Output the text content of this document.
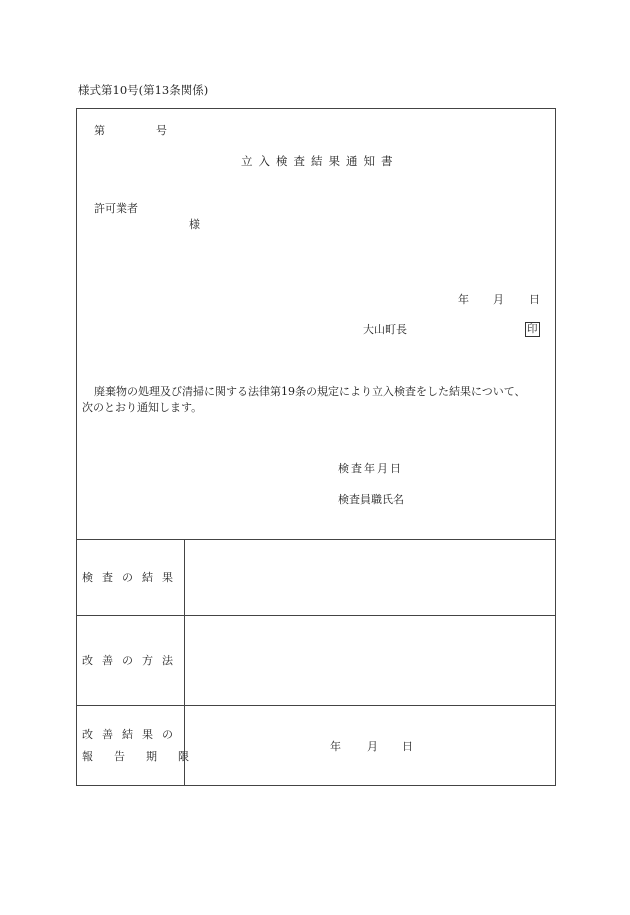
様式第10号(第13条関係)
第	号
立入検査結果通知書
許可業者
様
年 月 日
大山町長	印
廃棄物の処理及び清掃に関する法律第19条の規定により立入検査をした結果について、
次のとおり通知します。
検査年月日
検査員職氏名
検査の結果
改善の方法
改善結果の
報告期限
年 月 日
